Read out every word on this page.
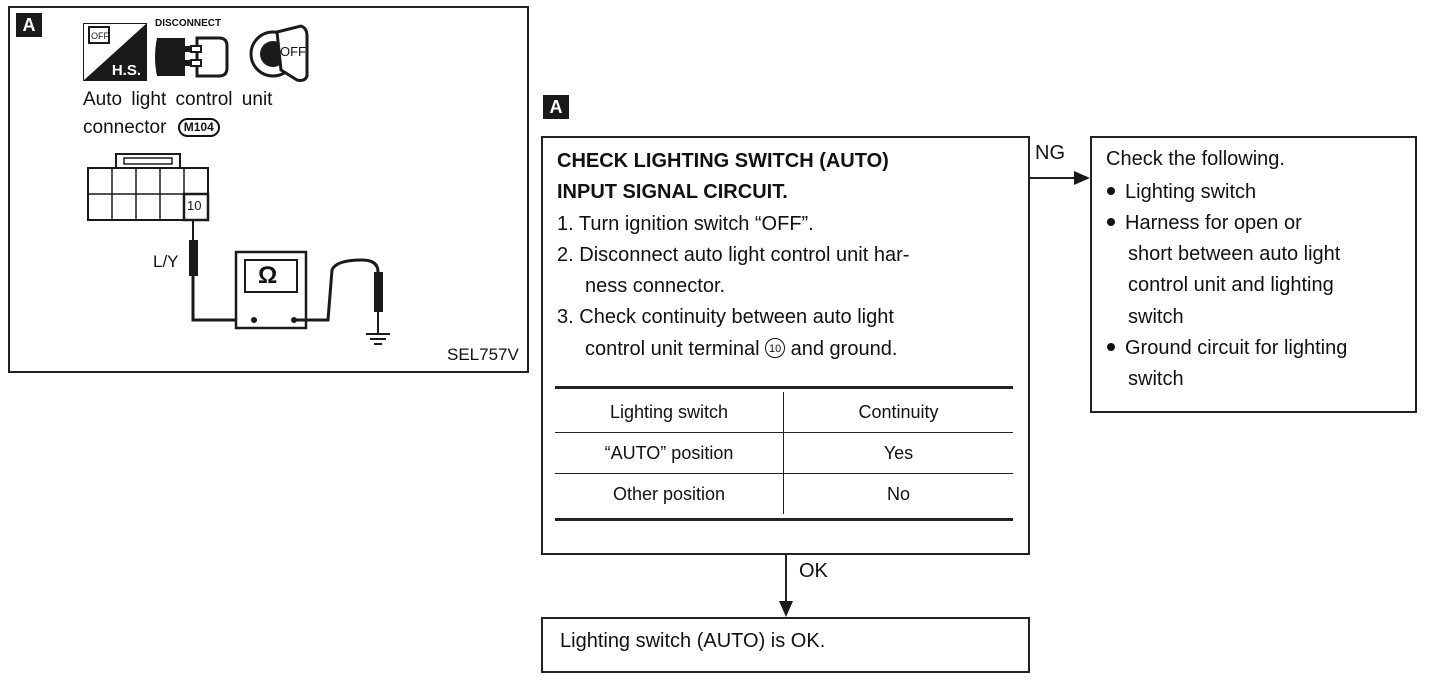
A
OFF
H.S.
DISCONNECT
OFF
Auto light control unit
connector M104
10
Ω
L/Y
SEL757V
A
CHECK LIGHTING SWITCH (AUTO)
INPUT SIGNAL CIRCUIT.
1. Turn ignition switch “OFF”.
2. Disconnect auto light control unit har-
ness connector.
3. Check continuity between auto light
control unit terminal 10 and ground.
Lighting switch	Continuity
“AUTO” position	Yes
Other position	No
NG Check the following.
Lighting switch
Harness for open or
short between auto light
control unit and lighting
switch
Ground circuit for lighting
switch
OK
Lighting switch (AUTO) is OK.
